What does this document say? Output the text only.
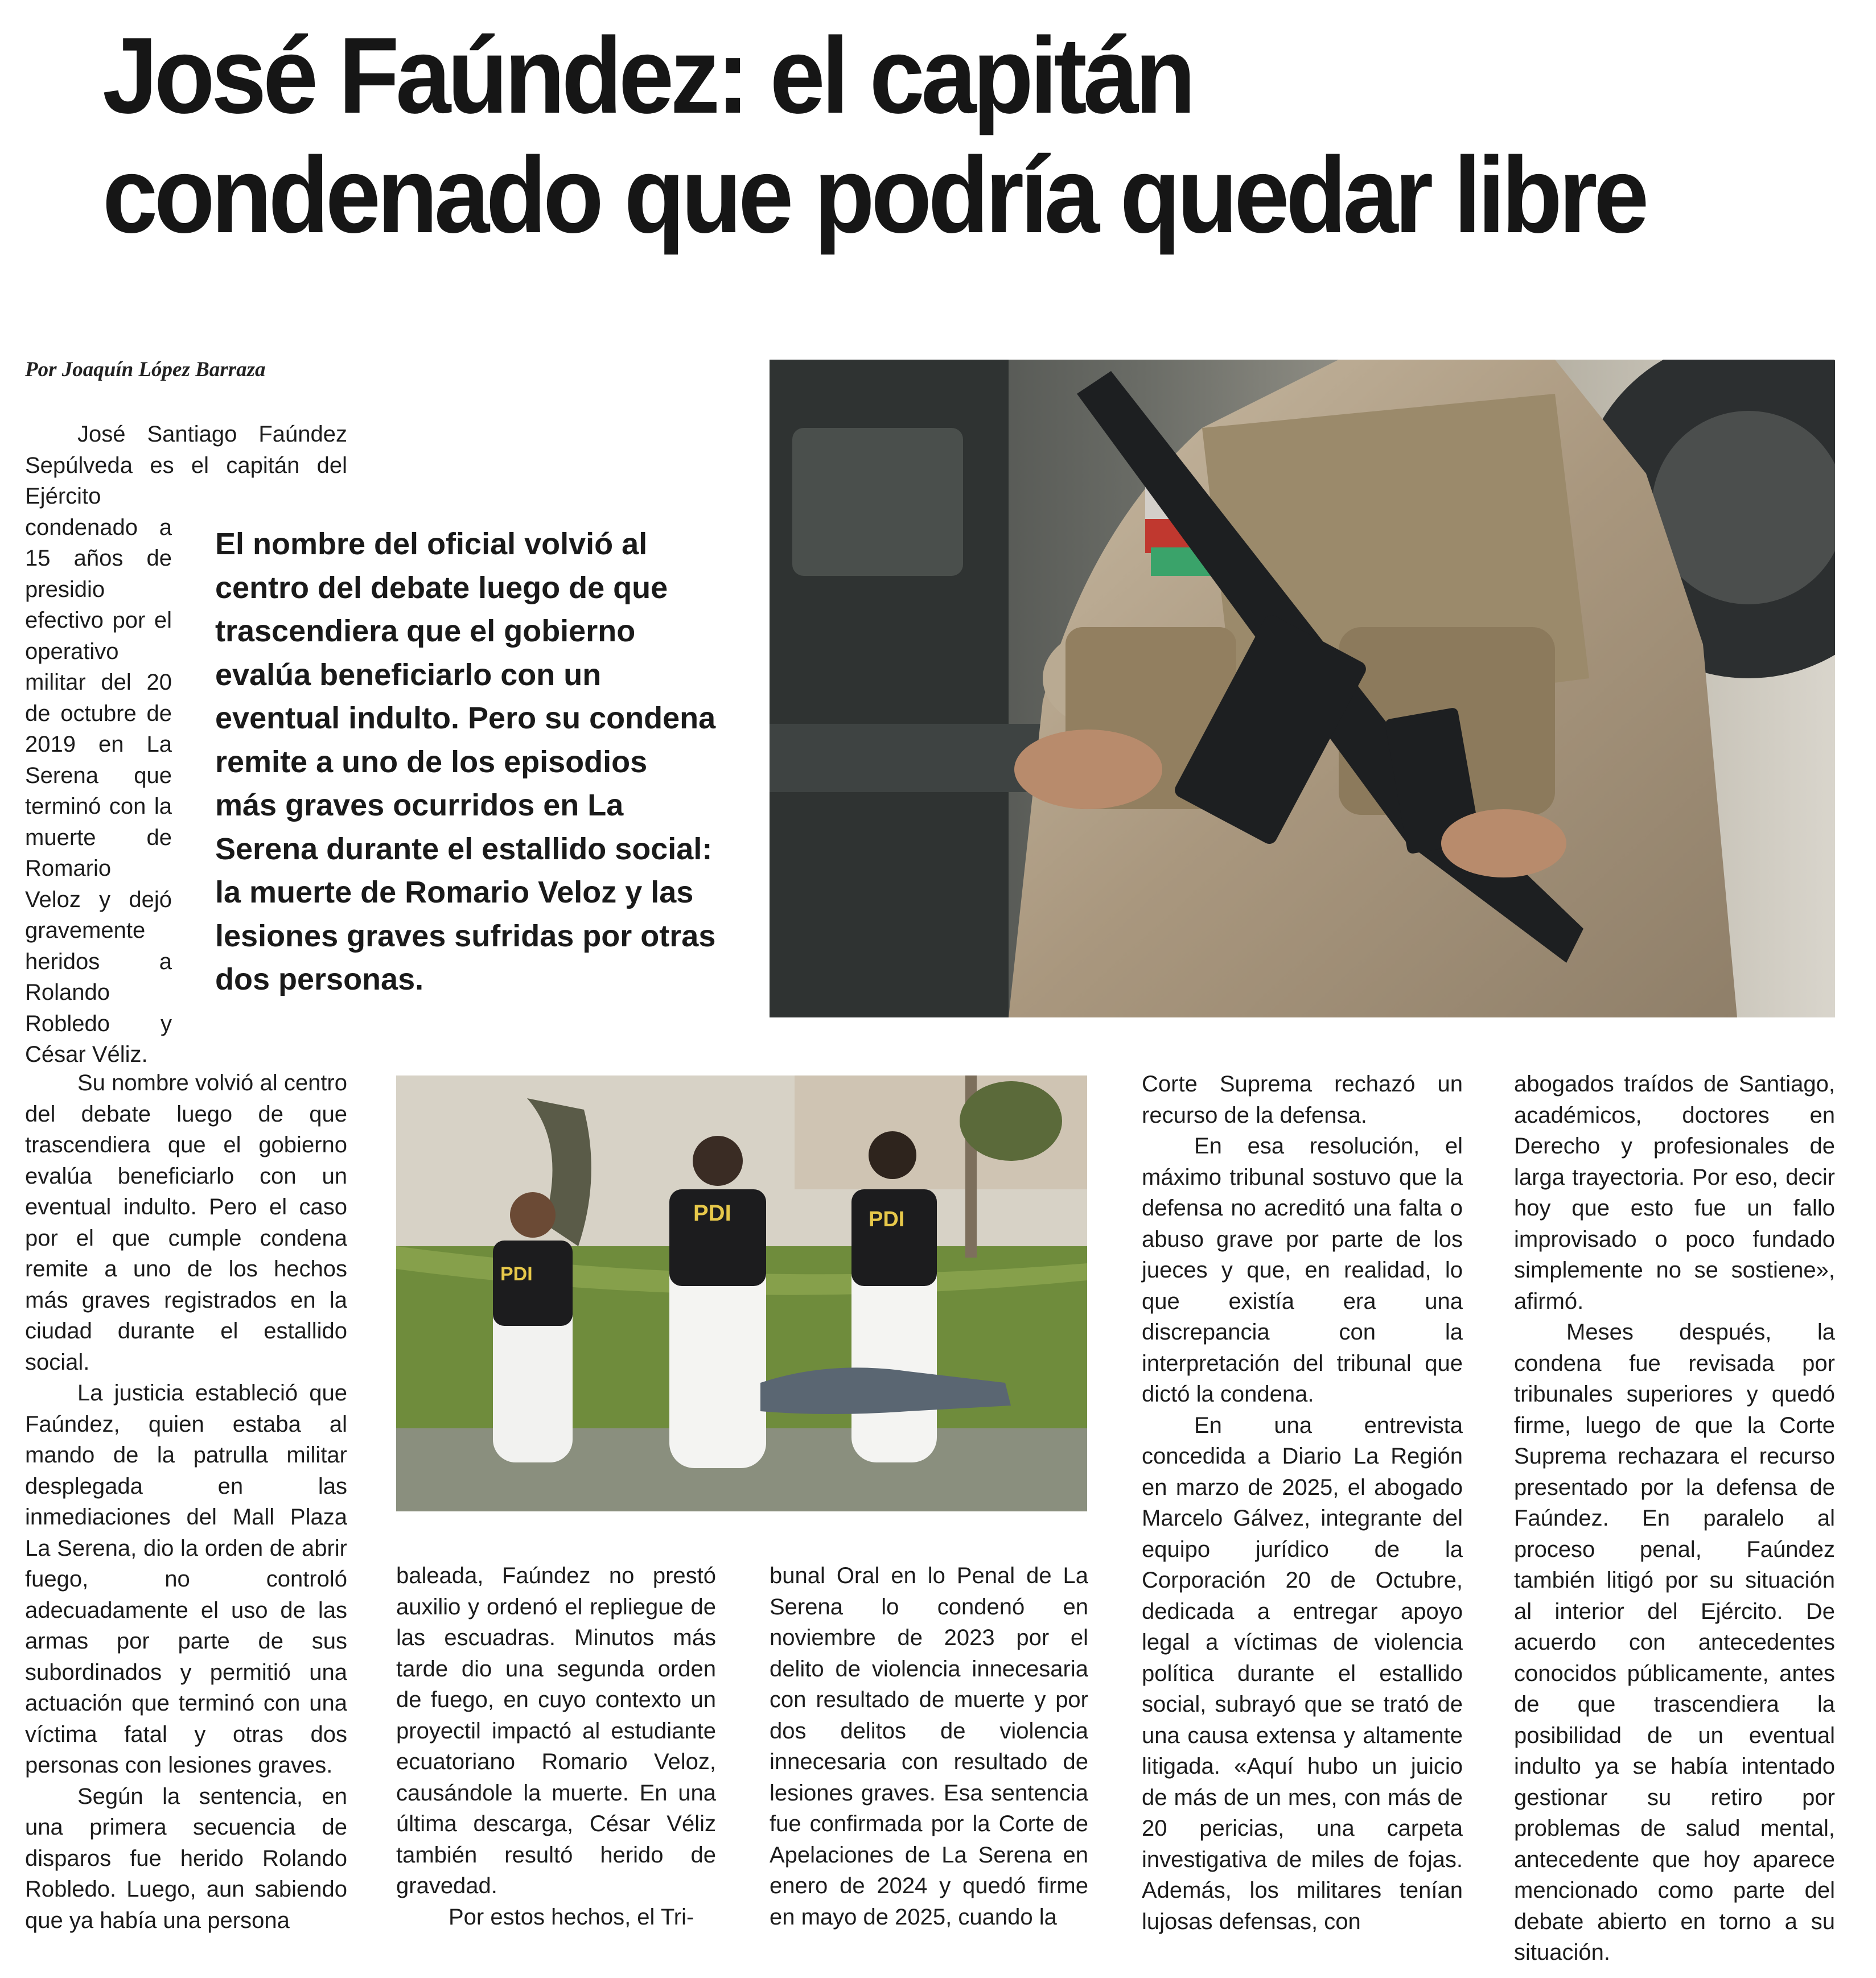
José Faúndez: el capitán
condenado que podría quedar libre

Por Joaquín López Barraza

José Santiago Faúndez Sepúlveda es el capitán del Ejército condenado a 15 años de presidio efectivo por el operativo militar del 20 de octubre de 2019 en La Serena que terminó con la muerte de Romario Veloz y dejó gravemente heridos a Rolando Robledo y César Véliz.

Su nombre volvió al centro del debate luego de que trascendiera que el gobierno evalúa beneficiarlo con un eventual indulto. Pero el caso por el que cumple condena remite a uno de los hechos más graves registrados en la ciudad durante el estallido social.

La justicia estableció que Faúndez, quien estaba al mando de la patrulla militar desplegada en las inmediaciones del Mall Plaza La Serena, dio la orden de abrir fuego, no controló adecuadamente el uso de las armas por parte de sus subordinados y permitió una actuación que terminó con una víctima fatal y otras dos personas con lesiones graves.

Según la sentencia, en una primera secuencia de disparos fue herido Rolando Robledo. Luego, aun sabiendo que ya había una persona

El nombre del oficial volvió al centro del debate luego de que trascendiera que el gobierno evalúa beneficiarlo con un eventual indulto. Pero su condena remite a uno de los episodios más graves ocurridos en La Serena durante el estallido social: la muerte de Romario Veloz y las lesiones graves sufridas por otras dos personas.
PDI
PDI	PDI

baleada, Faúndez no prestó auxilio y ordenó el repliegue de las escuadras. Minutos más tarde dio una segunda orden de fuego, en cuyo contexto un proyectil impactó al estudiante ecuatoriano Romario Veloz, causándole la muerte. En una última descarga, César Véliz también resultó herido de gravedad.

Por estos hechos, el Tri-

bunal Oral en lo Penal de La Serena lo condenó en noviembre de 2023 por el delito de violencia innecesaria con resultado de muerte y por dos delitos de violencia innecesaria con resultado de lesiones graves. Esa sentencia fue confirmada por la Corte de Apelaciones de La Serena en enero de 2024 y quedó firme en mayo de 2025, cuando la

Corte Suprema rechazó un recurso de la defensa.

En esa resolución, el máximo tribunal sostuvo que la defensa no acreditó una falta o abuso grave por parte de los jueces y que, en realidad, lo que existía era una discrepancia con la interpretación del tribunal que dictó la condena.

En una entrevista concedida a Diario La Región en marzo de 2025, el abogado Marcelo Gálvez, integrante del equipo jurídico de la Corporación 20 de Octubre, dedicada a entregar apoyo legal a víctimas de violencia política durante el estallido social, subrayó que se trató de una causa extensa y altamente litigada. «Aquí hubo un juicio de más de un mes, con más de 20 pericias, una carpeta investigativa de miles de fojas. Además, los militares tenían lujosas defensas, con

abogados traídos de Santiago, académicos, doctores en Derecho y profesionales de larga trayectoria. Por eso, decir hoy que esto fue un fallo improvisado o poco fundado simplemente no se sostiene», afirmó.

Meses después, la condena fue revisada por tribunales superiores y quedó firme, luego de que la Corte Suprema rechazara el recurso presentado por la defensa de Faúndez. En paralelo al proceso penal, Faúndez también litigó por su situación al interior del Ejército. De acuerdo con antecedentes conocidos públicamente, antes de que trascendiera la posibilidad de un eventual indulto ya se había intentado gestionar su retiro por problemas de salud mental, antecedente que hoy aparece mencionado como parte del debate abierto en torno a su situación.
